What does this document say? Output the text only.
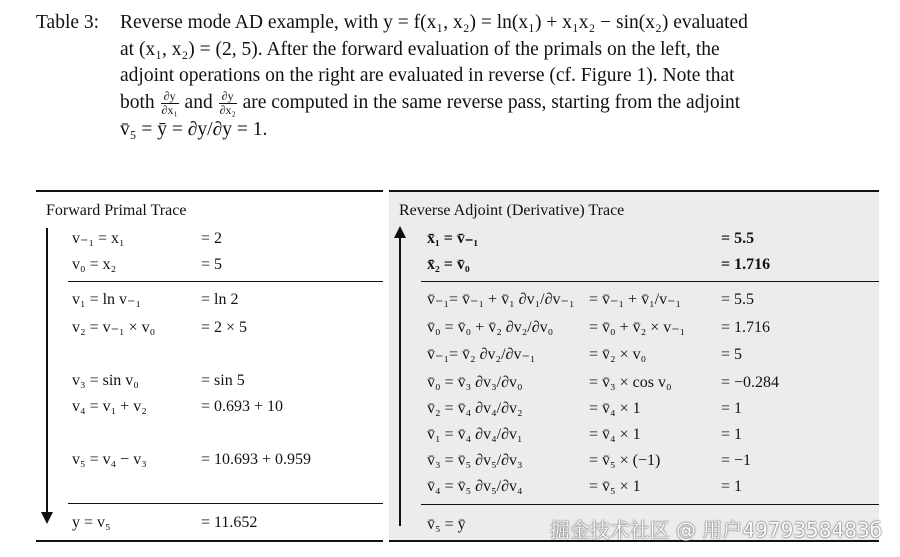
Table 3: Reverse mode AD example, with y = f(x₁, x₂) = ln(x₁) + x₁x₂ − sin(x₂) evaluated
at (x₁, x₂) = (2, 5). After the forward evaluation of the primals on the left, the
adjoint operations on the right are evaluated in reverse (cf. Figure 1). Note that
both $\frac{\partial y}{\text{∂x₁}}$ and $\frac{\partial y}{\text{∂x₂}}$ are computed in the same reverse pass, starting from the adjoint
v̄₅ = ȳ = ∂y/∂y = 1.
Forward Primal Trace
v₋₁ = x₁	= 2
v₀ = x₂	= 5
v₁ = ln v₋₁	= ln 2
v₂ = v₋₁ × v₀	= 2 × 5
v₃ = sin v₀	= sin 5
v₄ = v₁ + v₂	= 0.693 + 10
v₅ = v₄ − v₃	= 10.693 + 0.959
y = v₅	= 11.652
Reverse Adjoint (Derivative) Trace
x̄₁ = v̄₋₁	= 5.5
x̄₂ = v̄₀	= 1.716
v̄₋₁= v̄₋₁ + v̄₁ ∂v₁/∂v₋₁ = v̄₋₁ + v̄₁/v₋₁ = 5.5
v̄₀ = v̄₀ + v̄₂ ∂v₂/∂v₀ = v̄₀ + v̄₂ × v₋₁ = 1.716
v̄₋₁= v̄₂ ∂v₂/∂v₋₁	= v̄₂ × v₀	= 5
v̄₀ = v̄₃ ∂v₃/∂v₀	= v̄₃ × cos v₀	= −0.284
v̄₂ = v̄₄ ∂v₄/∂v₂	= v̄₄ × 1	= 1
v̄₁ = v̄₄ ∂v₄/∂v₁	= v̄₄ × 1	= 1
v̄₃ = v̄₅ ∂v₅/∂v₃	= v̄₅ × (−1)	= −1
v̄₄ = v̄₅ ∂v₅/∂v₄	= v̄₅ × 1	= 1
v̄₅ = ȳ	掘金技术社区 @ 用户4979358483б
